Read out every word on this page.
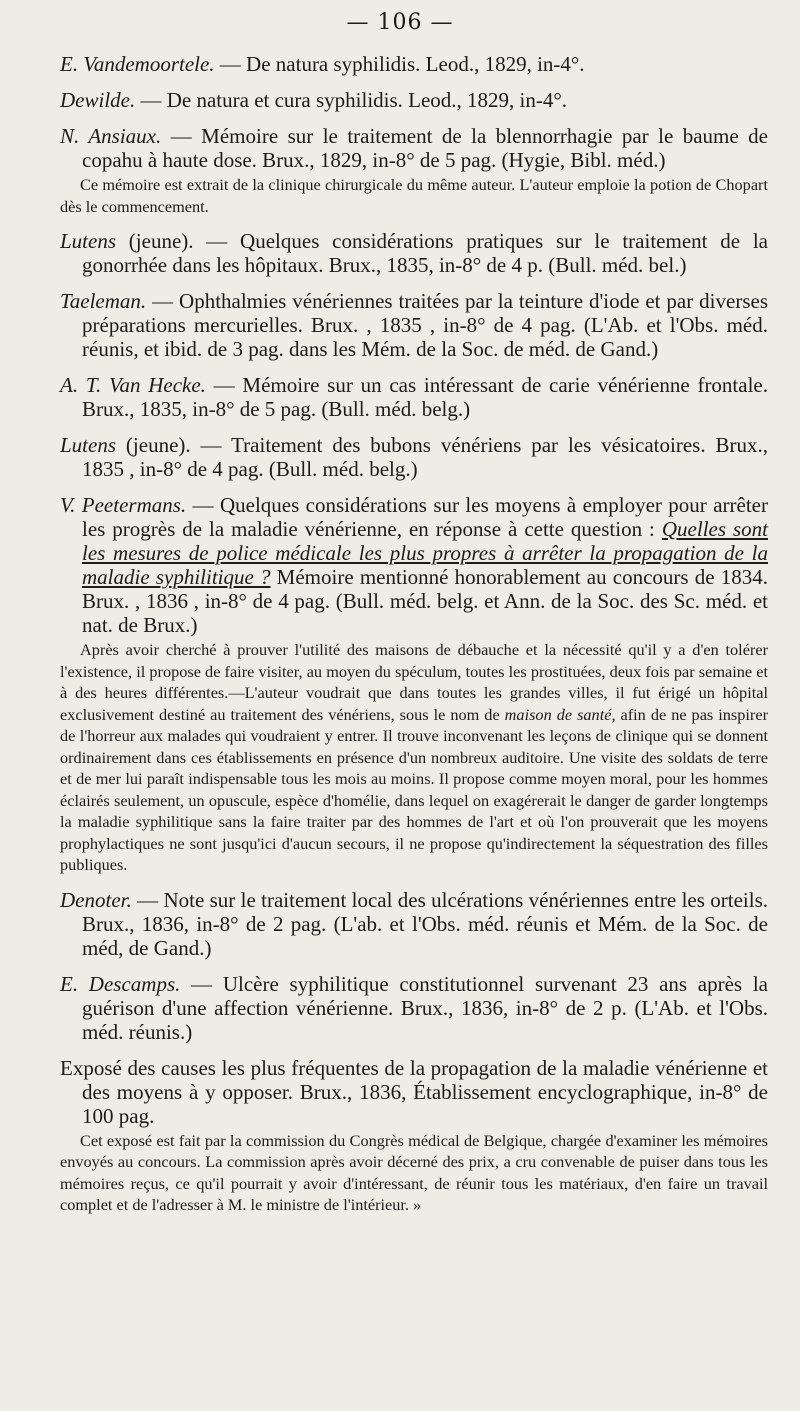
— 106 —

E. Vandemoortele. — De natura syphilidis. Leod., 1829, in-4°.

Dewilde. — De natura et cura syphilidis. Leod., 1829, in-4°.

N. Ansiaux. — Mémoire sur le traitement de la blennorrhagie par le baume de copahu à haute dose. Brux., 1829, in-8° de 5 pag. (Hygie, Bibl. méd.)

Ce mémoire est extrait de la clinique chirurgicale du même auteur. L'auteur emploie la potion de Chopart dès le commencement.

Lutens (jeune). — Quelques considérations pratiques sur le traitement de la gonorrhée dans les hôpitaux. Brux., 1835, in-8° de 4 p. (Bull. méd. bel.)

Taeleman. — Ophthalmies vénériennes traitées par la teinture d'iode et par diverses préparations mercurielles. Brux. , 1835 , in-8° de 4 pag. (L'Ab. et l'Obs. méd. réunis, et ibid. de 3 pag. dans les Mém. de la Soc. de méd. de Gand.)

A. T. Van Hecke. — Mémoire sur un cas intéressant de carie vénérienne frontale. Brux., 1835, in-8° de 5 pag. (Bull. méd. belg.)

Lutens (jeune). — Traitement des bubons vénériens par les vésicatoires. Brux., 1835 , in-8° de 4 pag. (Bull. méd. belg.)

V. Peetermans. — Quelques considérations sur les moyens à employer pour arrêter les progrès de la maladie vénérienne, en réponse à cette question : Quelles sont les mesures de police médicale les plus propres à arrêter la propagation de la maladie syphilitique ? Mémoire mentionné honorablement au concours de 1834. Brux. , 1836 , in-8° de 4 pag. (Bull. méd. belg. et Ann. de la Soc. des Sc. méd. et nat. de Brux.)

Après avoir cherché à prouver l'utilité des maisons de débauche et la nécessité qu'il y a d'en tolérer l'existence, il propose de faire visiter, au moyen du spéculum, toutes les prostituées, deux fois par semaine et à des heures différentes.—L'auteur voudrait que dans toutes les grandes villes, il fut érigé un hôpital exclusivement destiné au traitement des vénériens, sous le nom de maison de santé, afin de ne pas inspirer de l'horreur aux malades qui voudraient y entrer. Il trouve inconvenant les leçons de clinique qui se donnent ordinairement dans ces établissements en présence d'un nombreux auditoire. Une visite des soldats de terre et de mer lui paraît indispensable tous les mois au moins. Il propose comme moyen moral, pour les hommes éclairés seulement, un opuscule, espèce d'homélie, dans lequel on exagérerait le danger de garder longtemps la maladie syphilitique sans la faire traiter par des hommes de l'art et où l'on prouverait que les moyens prophylactiques ne sont jusqu'ici d'aucun secours, il ne propose qu'indirectement la séquestration des filles publiques.

Denoter. — Note sur le traitement local des ulcérations vénériennes entre les orteils. Brux., 1836, in-8° de 2 pag. (L'ab. et l'Obs. méd. réunis et Mém. de la Soc. de méd, de Gand.)

E. Descamps. — Ulcère syphilitique constitutionnel survenant 23 ans après la guérison d'une affection vénérienne. Brux., 1836, in-8° de 2 p. (L'Ab. et l'Obs. méd. réunis.)

Exposé des causes les plus fréquentes de la propagation de la maladie vénérienne et des moyens à y opposer. Brux., 1836, Établissement encyclographique, in-8° de 100 pag.

Cet exposé est fait par la commission du Congrès médical de Belgique, chargée d'examiner les mémoires envoyés au concours. La commission après avoir décerné des prix, a cru convenable de puiser dans tous les mémoires reçus, ce qu'il pourrait y avoir d'intéressant, de réunir tous les matériaux, d'en faire un travail complet et de l'adresser à M. le ministre de l'intérieur. »
